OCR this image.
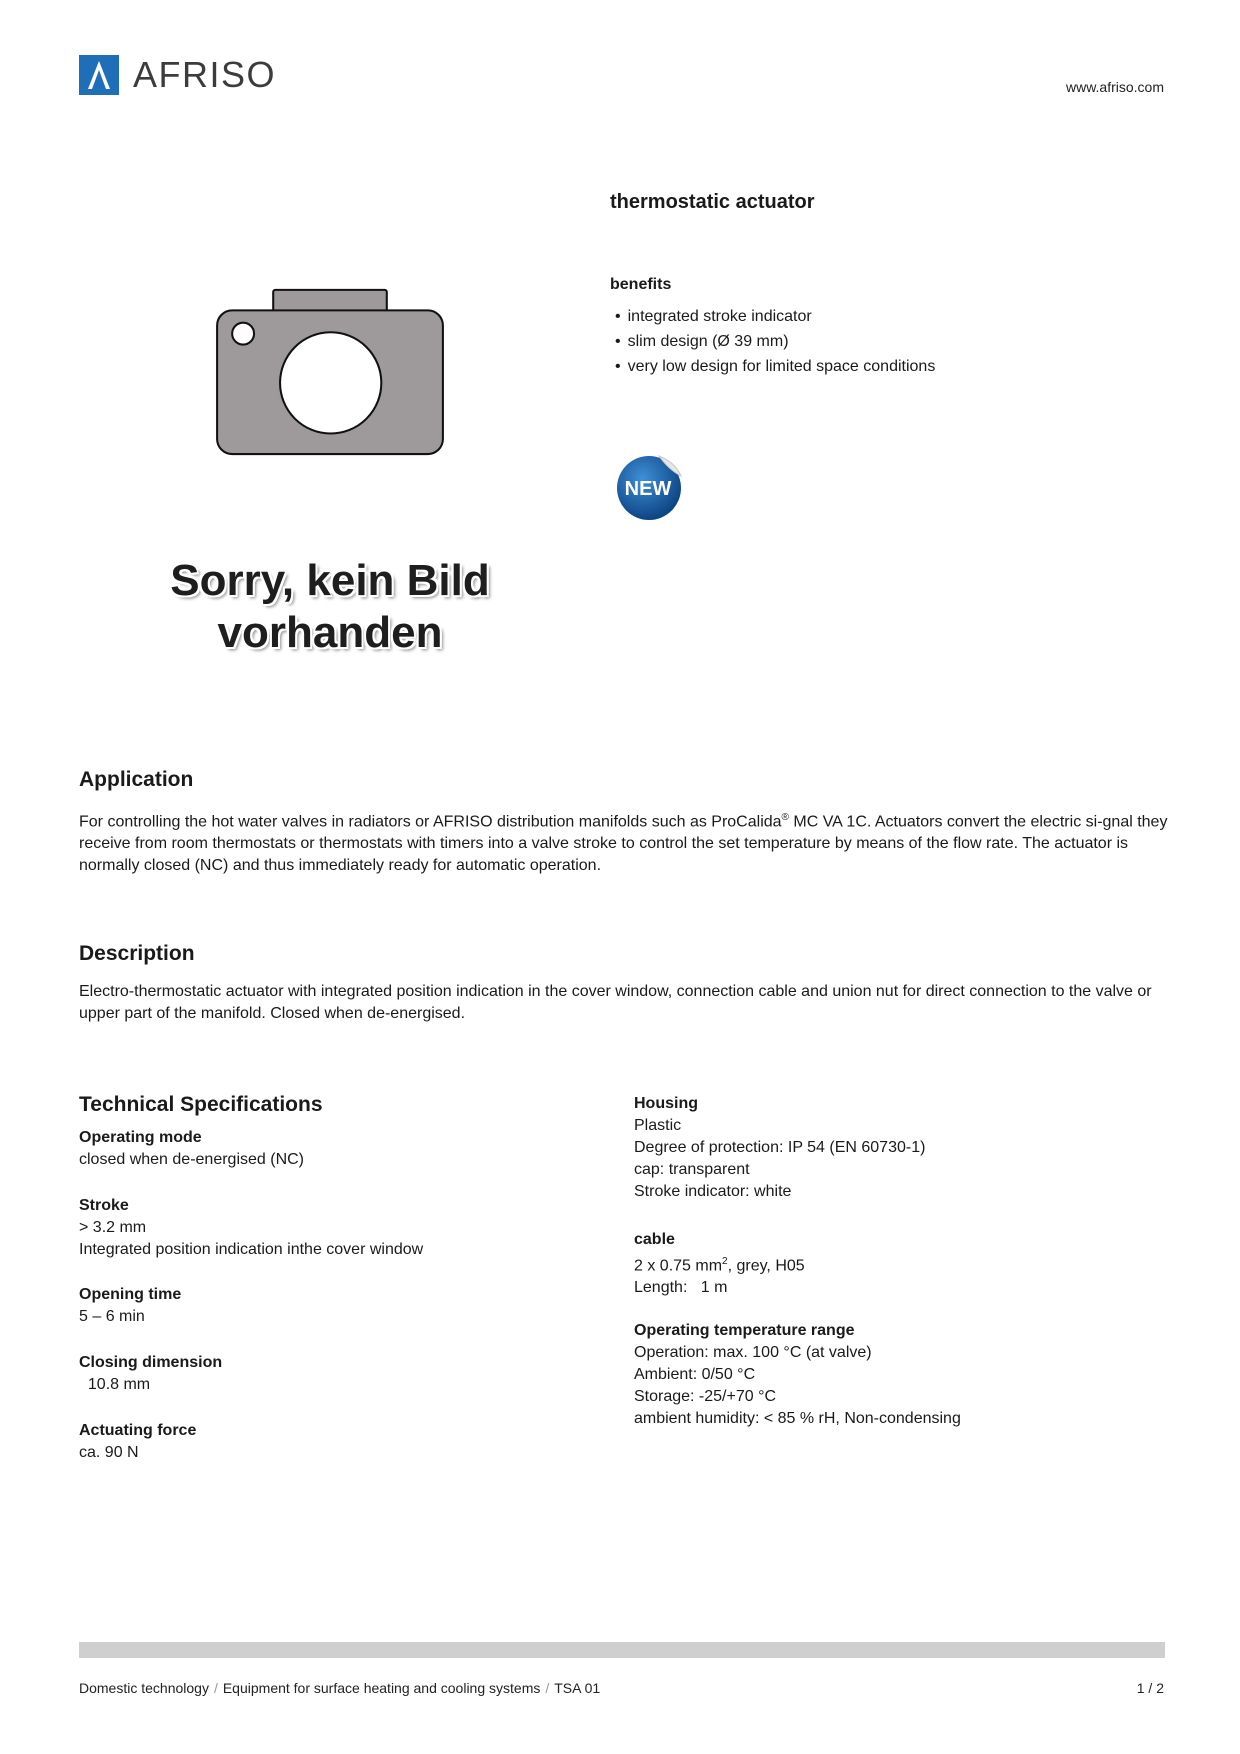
AFRISO	www.afriso.com
Sorry, kein Bild
vorhanden
thermostatic actuator
benefits
• integrated stroke indicator
• slim design (Ø 39 mm)
• very low design for limited space conditions
NEW
Application
For controlling the hot water valves in radiators or AFRISO distribution manifolds such as ProCalida® MC VA 1C. Actuators convert the electric si-gnal they receive from room thermostats or thermostats with timers into a valve stroke to control the set temperature by means of the flow rate. The actuator is normally closed (NC) and thus immediately ready for automatic operation.
Description
Electro-thermostatic actuator with integrated position indication in the cover window, connection cable and union nut for direct connection to the valve or upper part of the manifold. Closed when de-energised.
Technical Specifications
Operating mode
closed when de-energised (NC)
Stroke
> 3.2 mm
Integrated position indication inthe cover window
Opening time
5 – 6 min
Closing dimension
10.8 mm
Actuating force
ca. 90 N
Housing
Plastic
Degree of protection: IP 54 (EN 60730-1)
cap: transparent
Stroke indicator: white
cable
2 x 0.75 $mm^2$, grey, H05
Length:   1 m
Operating temperature range
Operation: max. 100 °C (at valve)
Ambient: 0/50 °C
Storage: -25/+70 °C
ambient humidity: < 85 % rH, Non-condensing
Domestic technology / Equipment for surface heating and cooling systems / TSA 01	1 / 2
